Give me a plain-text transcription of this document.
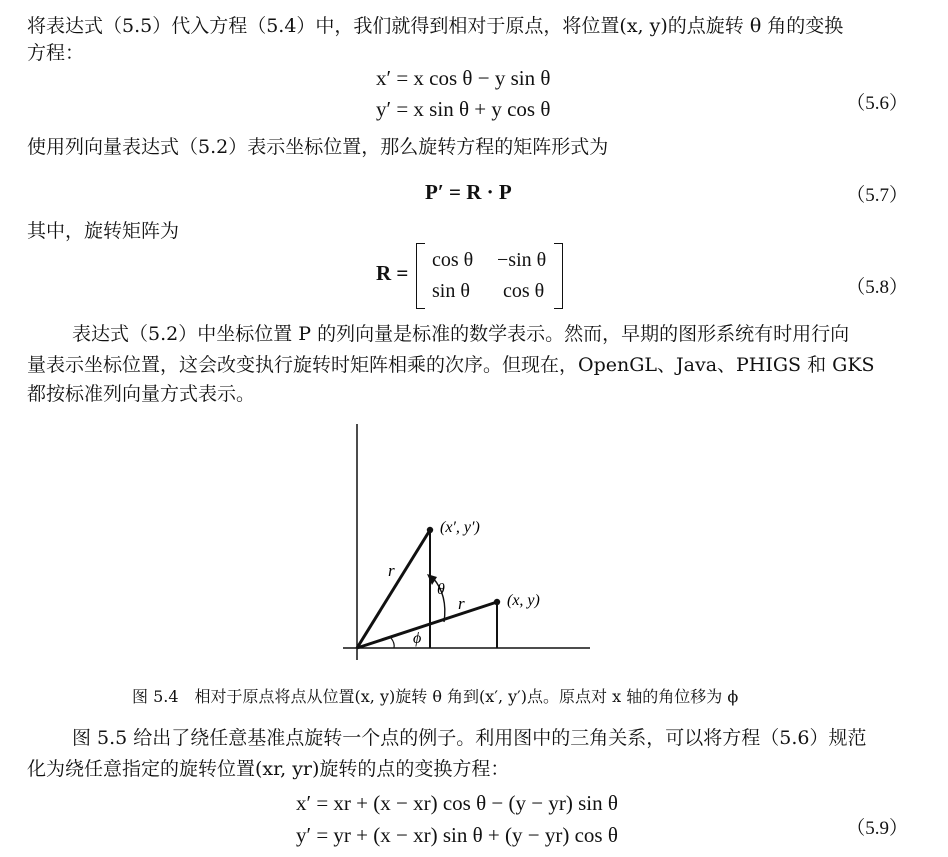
将表达式（5.5）代入方程（5.4）中，我们就得到相对于原点，将位置(x, y)的点旋转 θ 角的变换
方程：
x′ = x cos θ − y sin θ
y′ = x sin θ + y cos θ	（5.6）
使用列向量表达式（5.2）表示坐标位置，那么旋转方程的矩阵形式为
P′ = R · P	（5.7）
其中，旋转矩阵为
R =
cos θ −sin θ
sin θ cos θ	（5.8）
表达式（5.2）中坐标位置 P 的列向量是标准的数学表示。然而，早期的图形系统有时用行向
量表示坐标位置，这会改变执行旋转时矩阵相乘的次序。但现在，OpenGL、Java、PHIGS 和 GKS
都按标准列向量方式表示。
(x′, y′)
(x, y)
r
r
θ
ϕ
图 5.4　相对于原点将点从位置(x, y)旋转 θ 角到(x′, y′)点。原点对 x 轴的角位移为 ϕ
图 5.5 给出了绕任意基准点旋转一个点的例子。利用图中的三角关系，可以将方程（5.6）规范
化为绕任意指定的旋转位置(xr, yr)旋转的点的变换方程：
x′ = xr + (x − xr) cos θ − (y − yr) sin θ
y′ = yr + (x − xr) sin θ + (y − yr) cos θ	（5.9）
